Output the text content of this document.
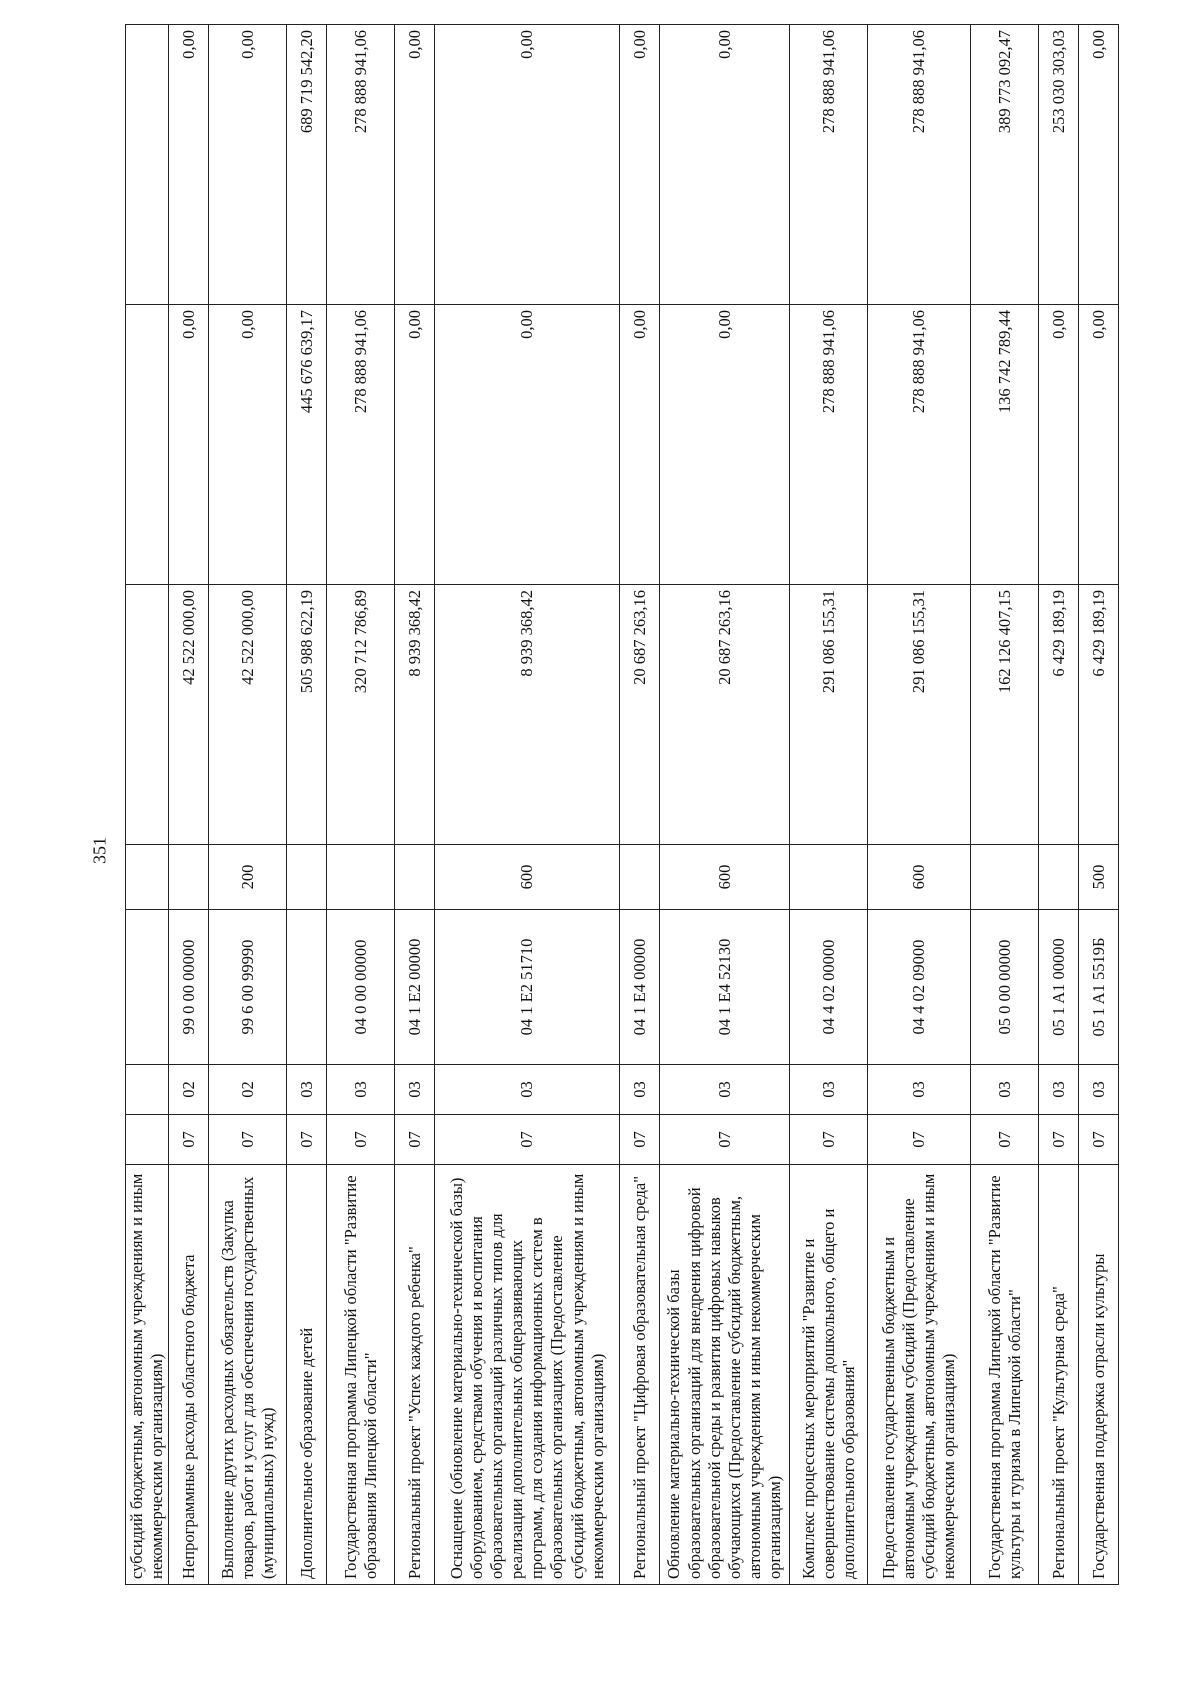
351
субсидий бюджетным, автономным учреждениям и иным некоммерческим организациям)							
Непрограммные расходы областного бюджета	07	02	99 0 00 00000		42 522 000,00	0,00	0,00
Выполнение других расходных обязательств (Закупка товаров, работ и услуг для обеспечения государственных (муниципальных) нужд)	07	02	99 6 00 99990	200	42 522 000,00	0,00	0,00
Дополнительное образование детей	07	03			505 988 622,19	445 676 639,17	689 719 542,20
Государственная программа Липецкой области "Развитие образования Липецкой области"	07	03	04 0 00 00000		320 712 786,89	278 888 941,06	278 888 941,06
Региональный проект "Успех каждого ребенка"	07	03	04 1 E2 00000		8 939 368,42	0,00	0,00
Оснащение (обновление материально-технической базы) оборудованием, средствами обучения и воспитания образовательных организаций различных типов для реализации дополнительных общеразвивающих программ, для создания информационных систем в образовательных организациях (Предоставление субсидий бюджетным, автономным учреждениям и иным некоммерческим организациям)	07	03	04 1 E2 51710	600	8 939 368,42	0,00	0,00
Региональный проект "Цифровая образовательная среда"	07	03	04 1 E4 00000		20 687 263,16	0,00	0,00
Обновление материально-технической базы образовательных организаций для внедрения цифровой образовательной среды и развития цифровых навыков обучающихся (Предоставление субсидий бюджетным, автономным учреждениям и иным некоммерческим организациям)	07	03	04 1 E4 52130	600	20 687 263,16	0,00	0,00
Комплекс процессных мероприятий "Развитие и совершенствование системы дошкольного, общего и дополнительного образования"	07	03	04 4 02 00000		291 086 155,31	278 888 941,06	278 888 941,06
Предоставление государственным бюджетным и автономным учреждениям субсидий (Предоставление субсидий бюджетным, автономным учреждениям и иным некоммерческим организациям)	07	03	04 4 02 09000	600	291 086 155,31	278 888 941,06	278 888 941,06
Государственная программа Липецкой области "Развитие культуры и туризма в Липецкой области"	07	03	05 0 00 00000		162 126 407,15	136 742 789,44	389 773 092,47
Региональный проект "Культурная среда"	07	03	05 1 A1 00000		6 429 189,19	0,00	253 030 303,03
Государственная поддержка отрасли культуры	07	03	05 1 A1 5519Б	500	6 429 189,19	0,00	0,00
